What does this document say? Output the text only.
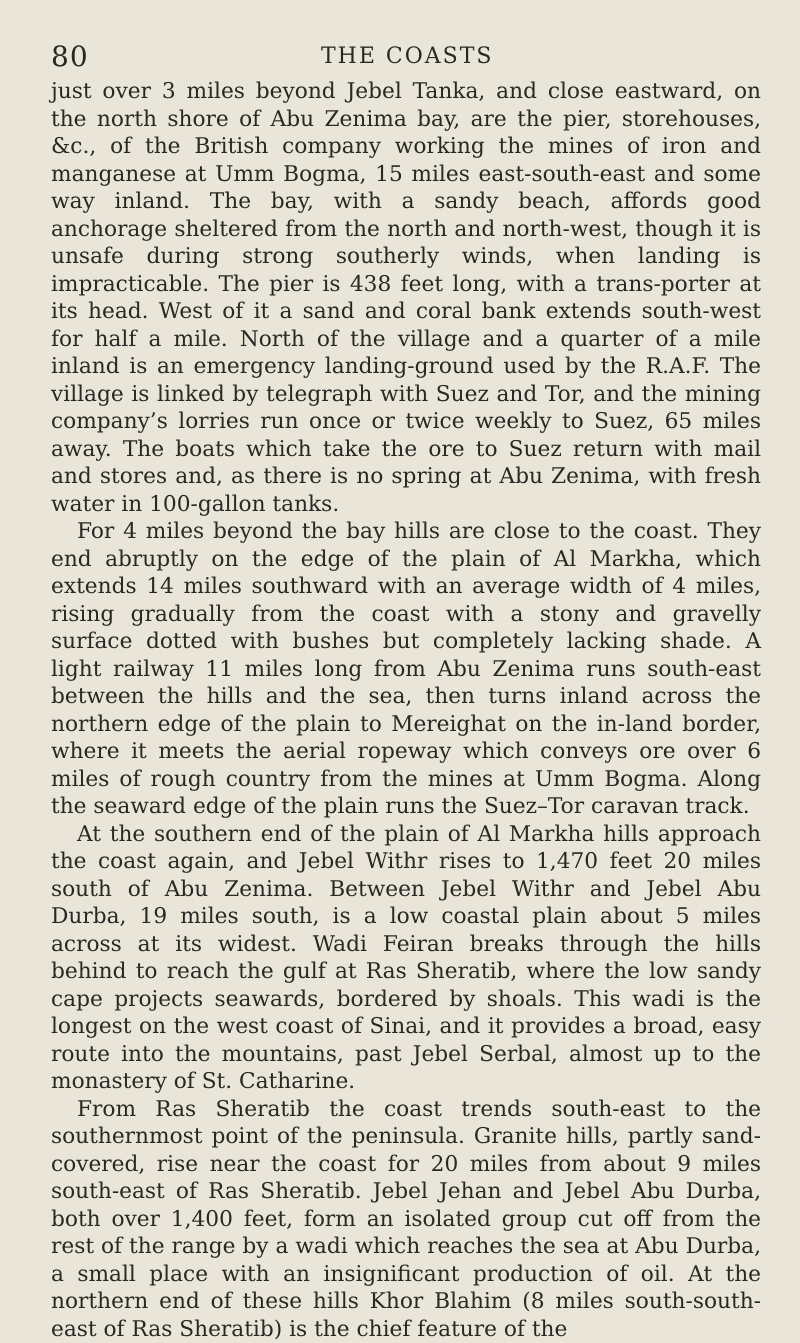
80	THE COASTS

just over 3 miles beyond Jebel Tanka, and close eastward, on the north shore of Abu Zenima bay, are the pier, storehouses, &c., of the British company working the mines of iron and manganese at Umm Bogma, 15 miles east-south-east and some way inland. The bay, with a sandy beach, affords good anchorage sheltered from the north and north-west, though it is unsafe during strong southerly winds, when landing is impracticable. The pier is 438 feet long, with a trans-porter at its head. West of it a sand and coral bank extends south-west for half a mile. North of the village and a quarter of a mile inland is an emergency landing-ground used by the R.A.F. The village is linked by telegraph with Suez and Tor, and the mining company’s lorries run once or twice weekly to Suez, 65 miles away. The boats which take the ore to Suez return with mail and stores and, as there is no spring at Abu Zenima, with fresh water in 100-gallon tanks.

For 4 miles beyond the bay hills are close to the coast. They end abruptly on the edge of the plain of Al Markha, which extends 14 miles southward with an average width of 4 miles, rising gradually from the coast with a stony and gravelly surface dotted with bushes but completely lacking shade. A light railway 11 miles long from Abu Zenima runs south-east between the hills and the sea, then turns inland across the northern edge of the plain to Mereighat on the in-land border, where it meets the aerial ropeway which conveys ore over 6 miles of rough country from the mines at Umm Bogma. Along the seaward edge of the plain runs the Suez–Tor caravan track.

At the southern end of the plain of Al Markha hills approach the coast again, and Jebel Withr rises to 1,470 feet 20 miles south of Abu Zenima. Between Jebel Withr and Jebel Abu Durba, 19 miles south, is a low coastal plain about 5 miles across at its widest. Wadi Feiran breaks through the hills behind to reach the gulf at Ras Sheratib, where the low sandy cape projects seawards, bordered by shoals. This wadi is the longest on the west coast of Sinai, and it provides a broad, easy route into the mountains, past Jebel Serbal, almost up to the monastery of St. Catharine.

From Ras Sheratib the coast trends south-east to the southernmost point of the peninsula. Granite hills, partly sand-covered, rise near the coast for 20 miles from about 9 miles south-east of Ras Sheratib. Jebel Jehan and Jebel Abu Durba, both over 1,400 feet, form an isolated group cut off from the rest of the range by a wadi which reaches the sea at Abu Durba, a small place with an insignificant production of oil. At the northern end of these hills Khor Blahim (8 miles south-south-east of Ras Sheratib) is the chief feature of the
